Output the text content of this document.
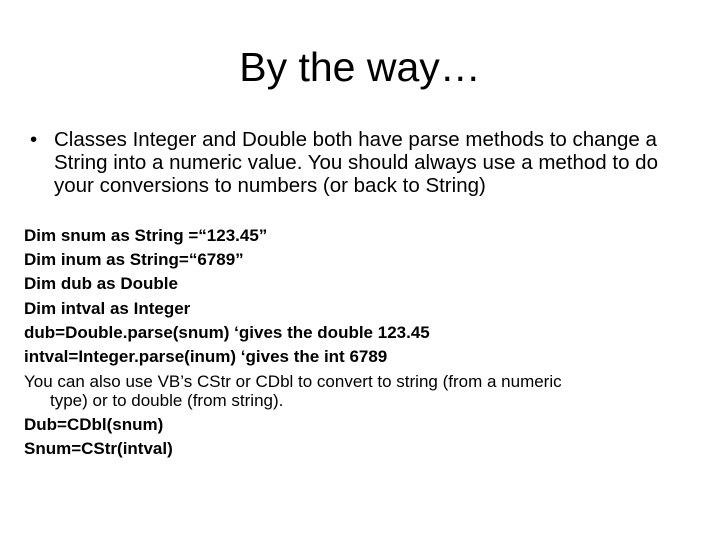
By the way…
• Classes Integer and Double both have parse methods to change a String into a numeric value. You should always use a method to do your conversions to numbers (or back to String)
Dim snum as String =“123.45”
Dim inum as String=“6789”
Dim dub as Double
Dim intval as Integer
dub=Double.parse(snum) ‘gives the double 123.45
intval=Integer.parse(inum) ‘gives the int 6789
You can also use VB’s CStr or CDbl to convert to string (from a numeric
type) or to double (from string).
Dub=CDbl(snum)
Snum=CStr(intval)
